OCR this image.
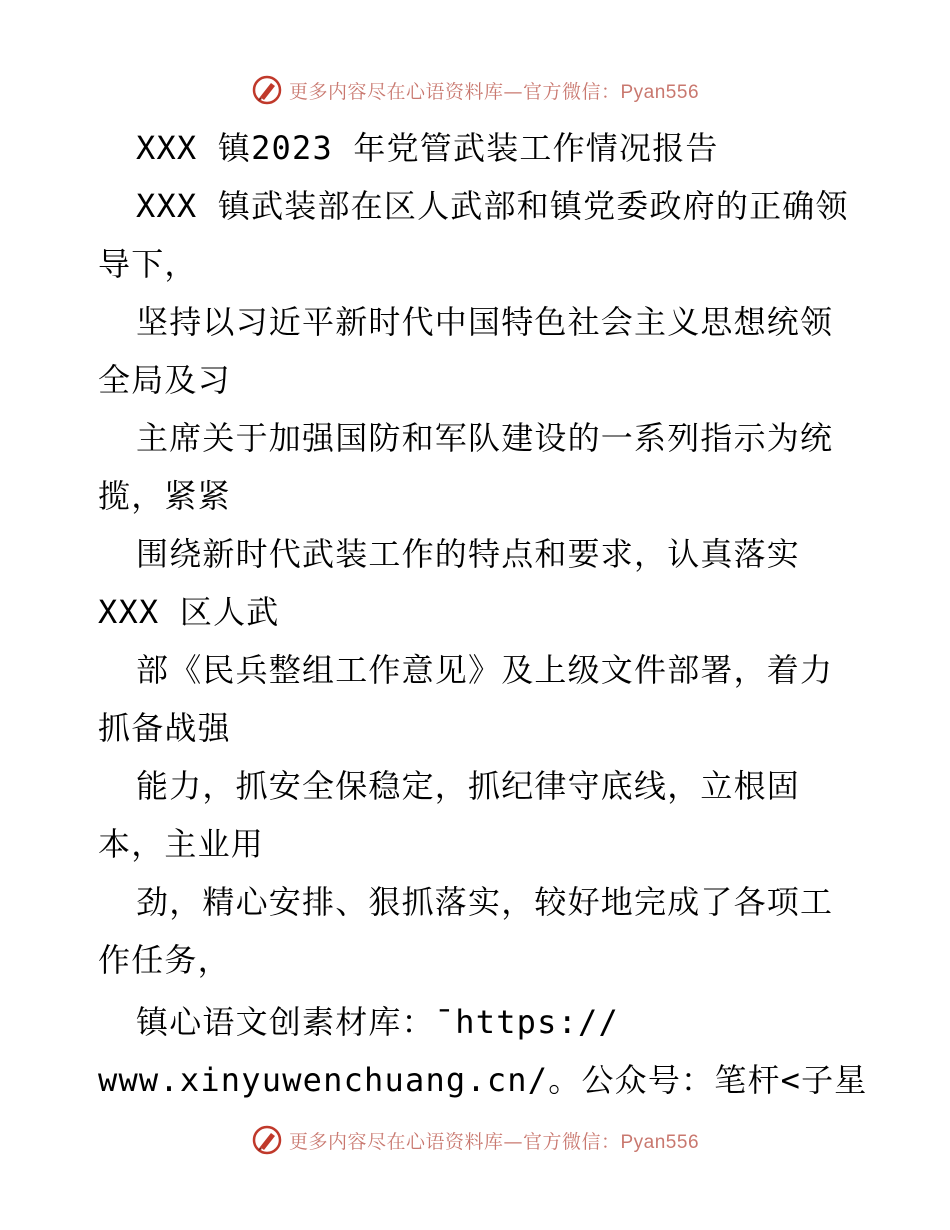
更多内容尽在心语资料库—官方微信：Pyan556
XXX 镇2023 年党管武装工作情况报告
XXX 镇武装部在区人武部和镇党委政府的正确领
导下，
坚持以习近平新时代中国特色社会主义思想统领
全局及习
主席关于加强国防和军队建设的一系列指示为统
揽，紧紧
围绕新时代武装工作的特点和要求，认真落实
XXX 区人武
部《民兵整组工作意见》及上级文件部署，着力
抓备战强
能力，抓安全保稳定，抓纪律守底线，立根固
本，主业用
劲，精心安排、狠抓落实，较好地完成了各项工
作任务，
镇心语文创素材库：¯https://
www.xinyuwenchuang.cn/。公众号：笔杆<子星
更多内容尽在心语资料库—官方微信：Pyan556
